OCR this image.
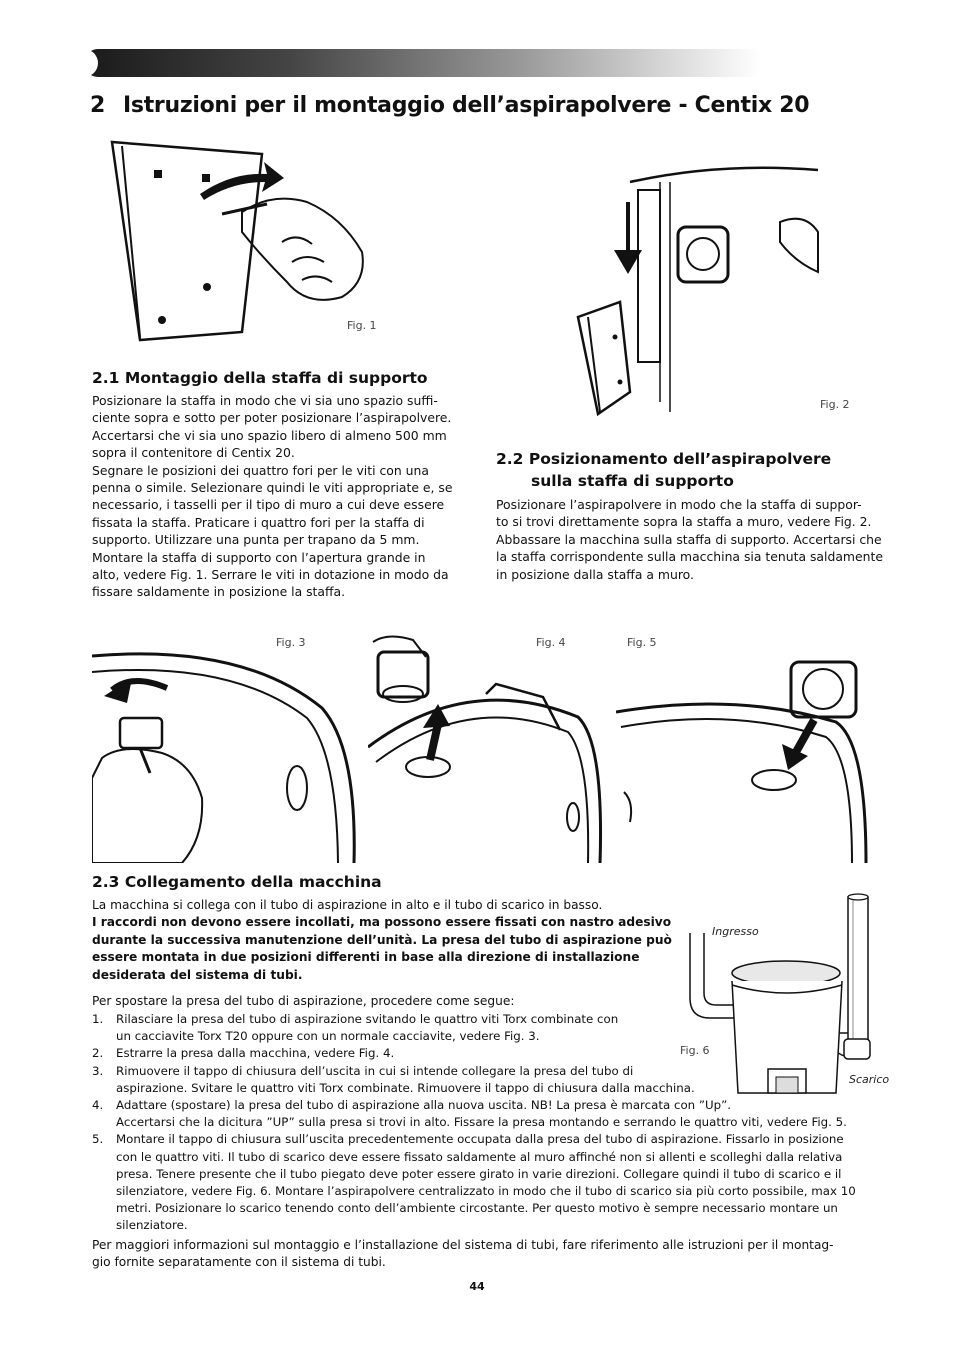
2 Istruzioni per il montaggio dell’aspirapolvere - Centix 20
Fig. 1
Fig. 2
2.1 Montaggio della staffa di supporto

Posizionare la staffa in modo che vi sia uno spazio suffi-

ciente sopra e sotto per poter posizionare l’aspirapolvere.

Accertarsi che vi sia uno spazio libero di almeno 500 mm

sopra il contenitore di Centix 20.

Segnare le posizioni dei quattro fori per le viti con una

penna o simile. Selezionare quindi le viti appropriate e, se

necessario, i tasselli per il tipo di muro a cui deve essere

fissata la staffa. Praticare i quattro fori per la staffa di

supporto. Utilizzare una punta per trapano da 5 mm.

Montare la staffa di supporto con l’apertura grande in

alto, vedere Fig. 1. Serrare le viti in dotazione in modo da

fissare saldamente in posizione la staffa.

2.2 Posizionamento dell’aspirapolvere
sulla staffa di supporto

Posizionare l’aspirapolvere in modo che la staffa di suppor-

to si trovi direttamente sopra la staffa a muro, vedere Fig. 2.

Abbassare la macchina sulla staffa di supporto. Accertarsi che

la staffa corrispondente sulla macchina sia tenuta saldamente

in posizione dalla staffa a muro.

Fig. 3	Fig. 4	Fig. 5
2.3 Collegamento della macchina

La macchina si collega con il tubo di aspirazione in alto e il tubo di scarico in basso.

I raccordi non devono essere incollati, ma possono essere fissati con nastro adesivo

durante la successiva manutenzione dell’unità. La presa del tubo di aspirazione può

essere montata in due posizioni differenti in base alla direzione di installazione

desiderata del sistema di tubi.

Per spostare la presa del tubo di aspirazione, procedere come segue:
1. Rilasciare la presa del tubo di aspirazione svitando le quattro viti Torx combinate con
un cacciavite Torx T20 oppure con un normale cacciavite, vedere Fig. 3.
2. Estrarre la presa dalla macchina, vedere Fig. 4.
3. Rimuovere il tappo di chiusura dell’uscita in cui si intende collegare la presa del tubo di
aspirazione. Svitare le quattro viti Torx combinate. Rimuovere il tappo di chiusura dalla macchina.
4. Adattare (spostare) la presa del tubo di aspirazione alla nuova uscita. NB! La presa è marcata con ”Up”.
Accertarsi che la dicitura ”UP” sulla presa si trovi in alto. Fissare la presa montando e serrando le quattro viti, vedere Fig. 5.
5. Montare il tappo di chiusura sull’uscita precedentemente occupata dalla presa del tubo di aspirazione. Fissarlo in posizione
con le quattro viti. Il tubo di scarico deve essere fissato saldamente al muro affinché non si allenti e scolleghi dalla relativa
presa. Tenere presente che il tubo piegato deve poter essere girato in varie direzioni. Collegare quindi il tubo di scarico e il
silenziatore, vedere Fig. 6. Montare l’aspirapolvere centralizzato in modo che il tubo di scarico sia più corto possibile, max 10
metri. Posizionare lo scarico tenendo conto dell’ambiente circostante. Per questo motivo è sempre necessario montare un
silenziatore.

Per maggiori informazioni sul montaggio e l’installazione del sistema di tubi, fare riferimento alle istruzioni per il montag-

gio fornite separatamente con il sistema di tubi.

Ingresso
Fig. 6
Scarico
44
